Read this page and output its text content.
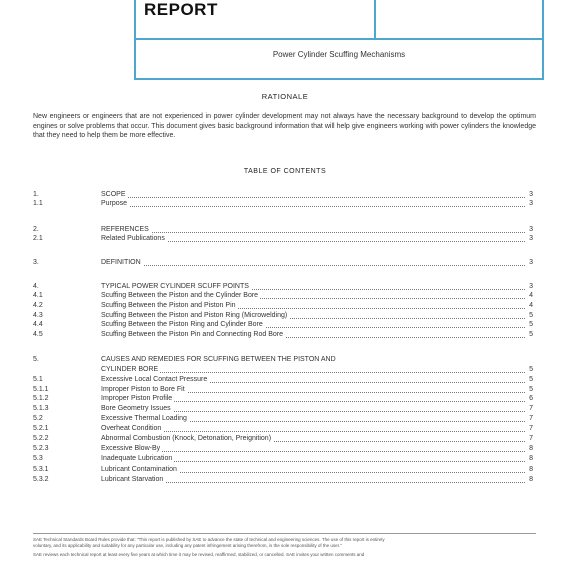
REPORT
Power Cylinder Scuffing Mechanisms
RATIONALE

New engineers or engineers that are not experienced in power cylinder development may not always have the necessary background to develop the optimum engines or solve problems that occur. This document gives basic background information that will help give engineers working with power cylinders the knowledge that they need to help them be more effective.

TABLE OF CONTENTS
1.	SCOPE	3
1.1	Purpose	3
2.	REFERENCES	3
2.1	Related Publications	3
3.	DEFINITION	3
4.	TYPICAL POWER CYLINDER SCUFF POINTS	3
4.1	Scuffing Between the Piston and the Cylinder Bore	4
4.2	Scuffing Between the Piston and Piston Pin	4
4.3	Scuffing Between the Piston and Piston Ring (Microwelding)	5
4.4	Scuffing Between the Piston Ring and Cylinder Bore	5
4.5	Scuffing Between the Piston Pin and Connecting Rod Bore	5
5.	CAUSES AND REMEDIES FOR SCUFFING BETWEEN THE PISTON AND
CYLINDER BORE	5
5.1	Excessive Local Contact Pressure	5
5.1.1	Improper Piston to Bore Fit	5
5.1.2	Improper Piston Profile	6
5.1.3	Bore Geometry Issues	7
5.2	Excessive Thermal Loading	7
5.2.1	Overheat Condition	7
5.2.2	Abnormal Combustion (Knock, Detonation, Preignition)	7
5.2.3	Excessive Blow-By	8
5.3	Inadequate Lubrication	8
5.3.1	Lubricant Contamination	8
5.3.2	Lubricant Starvation	8
SAE Technical Standards Board Rules provide that: "This report is published by SAE to advance the state of technical and engineering sciences. The use of this report is entirely
voluntary, and its applicability and suitability for any particular use, including any patent infringement arising therefrom, is the sole responsibility of the user."
SAE reviews each technical report at least every five years at which time it may be revised, reaffirmed, stabilized, or cancelled. SAE invites your written comments and
